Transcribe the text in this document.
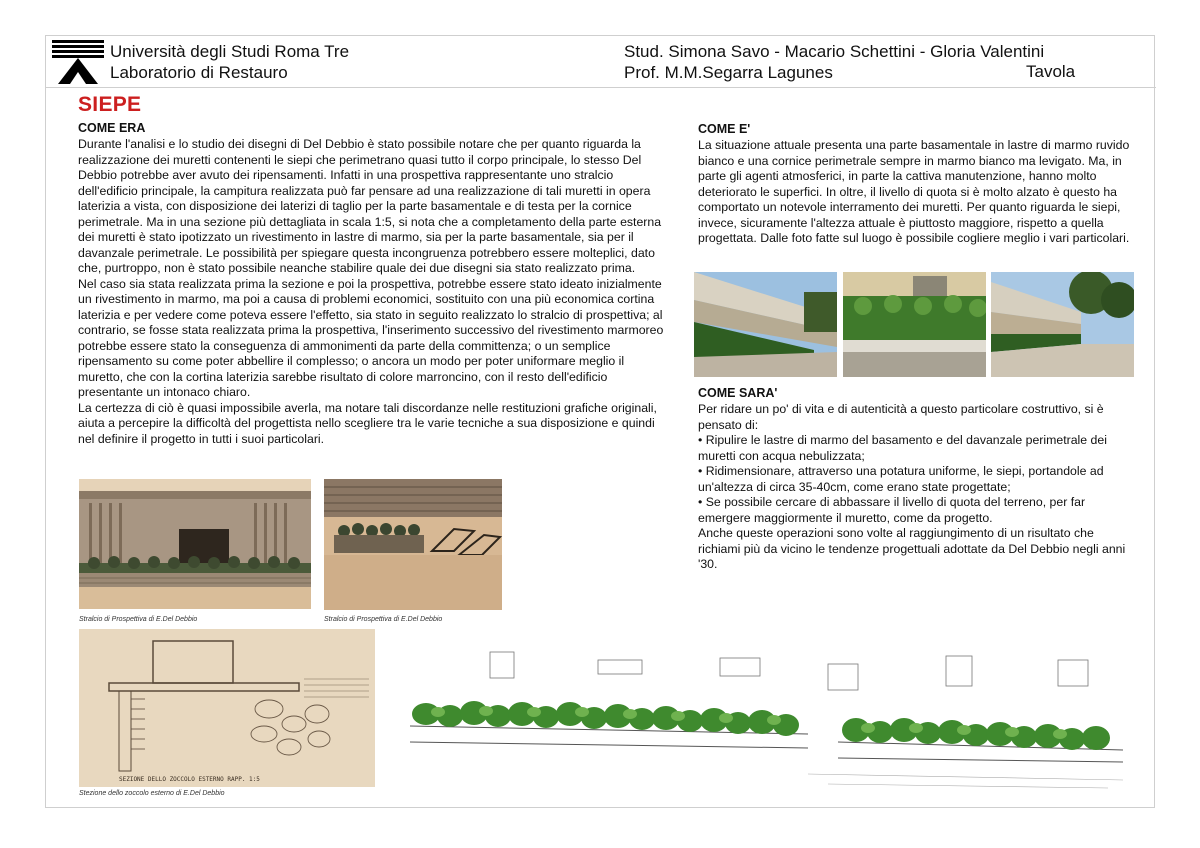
Università degli Studi Roma Tre
Laboratorio di Restauro
Stud. Simona Savo - Macario Schettini - Gloria Valentini
Prof. M.M.Segarra Lagunes	Tavola
SIEPE
COME ERA

Durante l'analisi e lo studio dei disegni di Del Debbio è stato possibile notare che per quanto riguarda la realizzazione dei muretti contenenti le siepi che perimetrano quasi tutto il corpo principale, lo stesso Del Debbio potrebbe aver avuto dei ripensamenti. Infatti in una prospettiva rappresentante uno stralcio dell'edificio principale, la campitura realizzata può far pensare ad una realizzazione di tali muretti in opera laterizia a vista, con disposizione dei laterizi di taglio per la parte basamentale e di testa per la cornice perimetrale. Ma in una sezione più dettagliata in scala 1:5, si nota che a completamento della parte esterna dei muretti è stato ipotizzato un rivestimento in lastre di marmo, sia per la parte basamentale, sia per il davanzale perimetrale. Le possibilità per spiegare questa incongruenza potrebbero essere molteplici, dato che, purtroppo, non è stato possibile neanche stabilire quale dei due disegni sia stato realizzato prima.

Nel caso sia stata realizzata prima la sezione e poi la prospettiva, potrebbe essere stato ideato inizialmente un rivestimento in marmo, ma poi a causa di problemi economici, sostituito con una più economica cortina laterizia e per vedere come poteva essere l'effetto, sia stato in seguito realizzato lo stralcio di prospettiva; al contrario, se fosse stata realizzata prima la prospettiva, l'inserimento successivo del rivestimento marmoreo potrebbe essere stato la conseguenza di ammonimenti da parte della committenza; o un semplice ripensamento su come poter abbellire il complesso; o ancora un modo per poter uniformare meglio il muretto, che con la cortina laterizia sarebbe risultato di colore marroncino, con il resto dell'edificio presentante un intonaco chiaro.

La certezza di ciò è quasi impossibile averla, ma notare tali discordanze nelle restituzioni grafiche originali, aiuta a percepire la difficoltà del progettista nello scegliere tra le varie tecniche a sua disposizione e quindi nel definire il progetto in tutti i suoi particolari.

Stralcio di Prospettiva di E.Del Debbio	Stralcio di Prospettiva di E.Del Debbio
SEZIONE DELLO ZOCCOLO ESTERNO RAPP. 1:5
Stezione dello zoccolo esterno di E.Del Debbio
COME E'
La situazione attuale presenta una parte basamentale in lastre di marmo ruvido bianco e una cornice perimetrale sempre in marmo bianco ma levigato. Ma, in parte gli agenti atmosferici, in parte la cattiva manutenzione, hanno molto deteriorato le superfici. In oltre, il livello di quota si è molto alzato è questo ha comportato un notevole interramento dei muretti. Per quanto riguarda le siepi, invece, sicuramente l'altezza attuale è piuttosto maggiore, rispetto a quella progettata. Dalle foto fatte sul luogo è possibile cogliere meglio i vari particolari.
COME SARA'

Per ridare un po' di vita e di autenticità a questo particolare costruttivo, si è pensato di:

• Ripulire le lastre di marmo del basamento e del davanzale perimetrale dei muretti con acqua nebulizzata;
• Ridimensionare, attraverso una potatura uniforme, le siepi, portandole ad un'altezza di circa 35-40cm, come erano state progettate;
• Se possibile cercare di abbassare il livello di quota del terreno, per far emergere maggiormente il muretto, come da progetto.

Anche queste operazioni sono volte al raggiungimento di un risultato che richiami più da vicino le tendenze progettuali adottate da Del Debbio negli anni '30.
